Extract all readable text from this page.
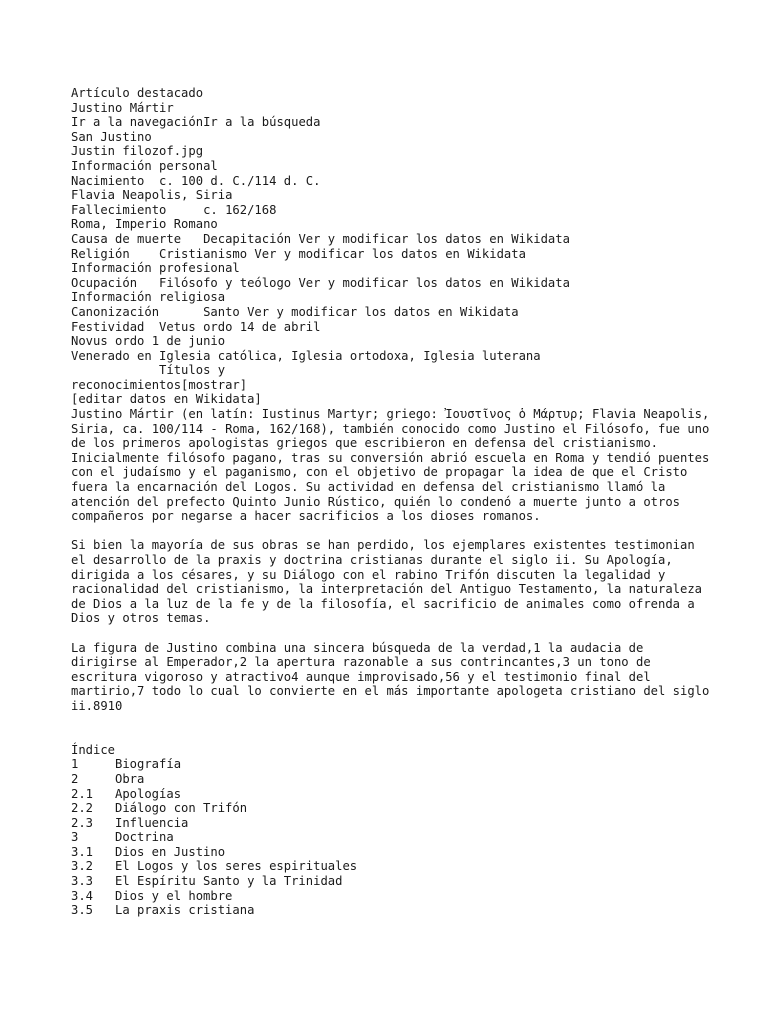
Artículo destacado
Justino Mártir
Ir a la navegaciónIr a la búsqueda
San Justino
Justin filozof.jpg
Información personal
Nacimiento  c. 100 d. C./114 d. C.
Flavia Neapolis, Siria
Fallecimiento     c. 162/168
Roma, Imperio Romano
Causa de muerte   Decapitación Ver y modificar los datos en Wikidata
Religión    Cristianismo Ver y modificar los datos en Wikidata
Información profesional
Ocupación   Filósofo y teólogo Ver y modificar los datos en Wikidata
Información religiosa
Canonización      Santo Ver y modificar los datos en Wikidata
Festividad  Vetus ordo 14 de abril
Novus ordo 1 de junio
Venerado en Iglesia católica, Iglesia ortodoxa, Iglesia luterana
Títulos y
reconocimientos[mostrar]
[editar datos en Wikidata]

Justino Mártir (en latín: Iustinus Martyr; griego: Ἰουστῖνος ὁ Μάρτυρ; Flavia Neapolis, Siria, ca. 100/114 - Roma, 162/168), también conocido como Justino el Filósofo, fue uno de los primeros apologistas griegos que escribieron en defensa del cristianismo. Inicialmente filósofo pagano, tras su conversión abrió escuela en Roma y tendió puentes con el judaísmo y el paganismo, con el objetivo de propagar la idea de que el Cristo fuera la encarnación del Logos. Su actividad en defensa del cristianismo llamó la atención del prefecto Quinto Junio Rústico, quién lo condenó a muerte junto a otros compañeros por negarse a hacer sacrificios a los dioses romanos.

Si bien la mayoría de sus obras se han perdido, los ejemplares existentes testimonian el desarrollo de la praxis y doctrina cristianas durante el siglo ii. Su Apología, dirigida a los césares, y su Diálogo con el rabino Trifón discuten la legalidad y racionalidad del cristianismo, la interpretación del Antiguo Testamento, la naturaleza de Dios a la luz de la fe y de la filosofía, el sacrificio de animales como ofrenda a Dios y otros temas.

La figura de Justino combina una sincera búsqueda de la verdad,1 la audacia de dirigirse al Emperador,2 la apertura razonable a sus contrincantes,3 un tono de escritura vigoroso y atractivo4 aunque improvisado,56 y el testimonio final del martirio,7 todo lo cual lo convierte en el más importante apologeta cristiano del siglo ii.8910

Índice
1	Biografía
2	Obra
2.1 Apologías
2.2 Diálogo con Trifón
2.3 Influencia
3	Doctrina
3.1 Dios en Justino
3.2 El Logos y los seres espirituales
3.3 El Espíritu Santo y la Trinidad
3.4 Dios y el hombre
3.5 La praxis cristiana
